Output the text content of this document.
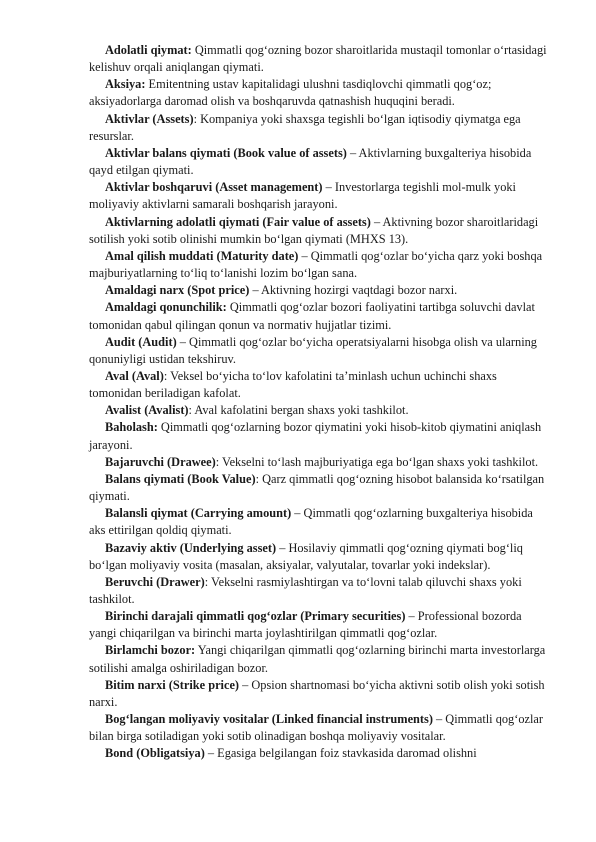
Adolatli qiymat: Qimmatli qog‘ozning bozor sharoitlarida mustaqil tomonlar o‘rtasidagi kelishuv orqali aniqlangan qiymati.

Aksiya: Emitentning ustav kapitalidagi ulushni tasdiqlovchi qimmatli qog‘oz; aksiyadorlarga daromad olish va boshqaruvda qatnashish huquqini beradi.

Aktivlar (Assets): Kompaniya yoki shaxsga tegishli bo‘lgan iqtisodiy qiymatga ega resurslar.

Aktivlar balans qiymati (Book value of assets) – Aktivlarning buxgalteriya hisobida qayd etilgan qiymati.

Aktivlar boshqaruvi (Asset management) – Investorlarga tegishli mol-mulk yoki moliyaviy aktivlarni samarali boshqarish jarayoni.

Aktivlarning adolatli qiymati (Fair value of assets) – Aktivning bozor sharoitlaridagi sotilish yoki sotib olinishi mumkin bo‘lgan qiymati (MHXS 13).

Amal qilish muddati (Maturity date) – Qimmatli qog‘ozlar bo‘yicha qarz yoki boshqa majburiyatlarning to‘liq to‘lanishi lozim bo‘lgan sana.

Amaldagi narx (Spot price) – Aktivning hozirgi vaqtdagi bozor narxi.

Amaldagi qonunchilik: Qimmatli qog‘ozlar bozori faoliyatini tartibga soluvchi davlat tomonidan qabul qilingan qonun va normativ hujjatlar tizimi.

Audit (Audit) – Qimmatli qog‘ozlar bo‘yicha operatsiyalarni hisobga olish va ularning qonuniyligi ustidan tekshiruv.

Aval (Aval): Veksel bo‘yicha to‘lov kafolatini ta’minlash uchun uchinchi shaxs tomonidan beriladigan kafolat.

Avalist (Avalist): Aval kafolatini bergan shaxs yoki tashkilot.

Baholash: Qimmatli qog‘ozlarning bozor qiymatini yoki hisob-kitob qiymatini aniqlash jarayoni.

Bajaruvchi (Drawee): Vekselni to‘lash majburiyatiga ega bo‘lgan shaxs yoki tashkilot.

Balans qiymati (Book Value): Qarz qimmatli qog‘ozning hisobot balansida ko‘rsatilgan qiymati.

Balansli qiymat (Carrying amount) – Qimmatli qog‘ozlarning buxgalteriya hisobida aks ettirilgan qoldiq qiymati.

Bazaviy aktiv (Underlying asset) – Hosilaviy qimmatli qog‘ozning qiymati bog‘liq bo‘lgan moliyaviy vosita (masalan, aksiyalar, valyutalar, tovarlar yoki indekslar).

Beruvchi (Drawer): Vekselni rasmiylashtirgan va to‘lovni talab qiluvchi shaxs yoki tashkilot.

Birinchi darajali qimmatli qog‘ozlar (Primary securities) – Professional bozorda yangi chiqarilgan va birinchi marta joylashtirilgan qimmatli qog‘ozlar.

Birlamchi bozor: Yangi chiqarilgan qimmatli qog‘ozlarning birinchi marta investorlarga sotilishi amalga oshiriladigan bozor.

Bitim narxi (Strike price) – Opsion shartnomasi bo‘yicha aktivni sotib olish yoki sotish narxi.

Bog‘langan moliyaviy vositalar (Linked financial instruments) – Qimmatli qog‘ozlar bilan birga sotiladigan yoki sotib olinadigan boshqa moliyaviy vositalar.

Bond (Obligatsiya) – Egasiga belgilangan foiz stavkasida daromad olishni
